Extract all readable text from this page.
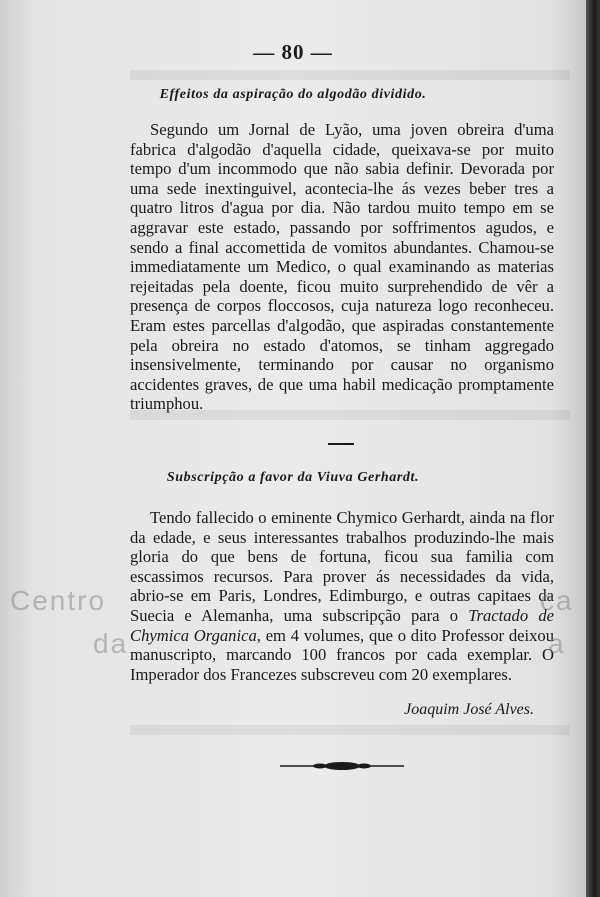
— 80 —
Effeitos da aspiração do algodão dividido.

Segundo um Jornal de Lyão, uma joven obreira d'uma fabrica d'algodão d'aquella cidade, queixava-se por muito tempo d'um incommodo que não sabia definir. Devorada por uma sede inextinguivel, acontecia-lhe ás vezes beber tres a quatro litros d'agua por dia. Não tardou muito tempo em se aggravar este estado, passando por soffrimentos agudos, e sendo a final accomettida de vomitos abundantes. Chamou-se immediatamente um Medico, o qual examinando as materias rejeitadas pela doente, ficou muito surprehendido de vêr a presença de corpos floccosos, cuja natureza logo reconheceu. Eram estes parcellas d'algodão, que aspiradas constantemente pela obreira no estado d'atomos, se tinham aggregado insensivelmente, terminando por causar no organismo accidentes graves, de que uma habil medicação promptamente triumphou.

Subscripção a favor da Viuva Gerhardt.

Tendo fallecido o eminente Chymico Gerhardt, ainda na flor da edade, e seus interessantes trabalhos produzindo-lhe mais gloria do que bens de fortuna, ficou sua familia com escassimos recursos. Para prover ás necessidades da vida, abrio-se em Paris, Londres, Edimburgo, e outras capitaes da Suecia e Alemanha, uma subscripção para o Tractado de Chymica Organica, em 4 volumes, que o dito Professor deixou manuscripto, marcando 100 francos por cada exemplar. O Imperador dos Francezes subscreveu com 20 exemplares.

Joaquim José Alves.
Centro
da
ca
a
